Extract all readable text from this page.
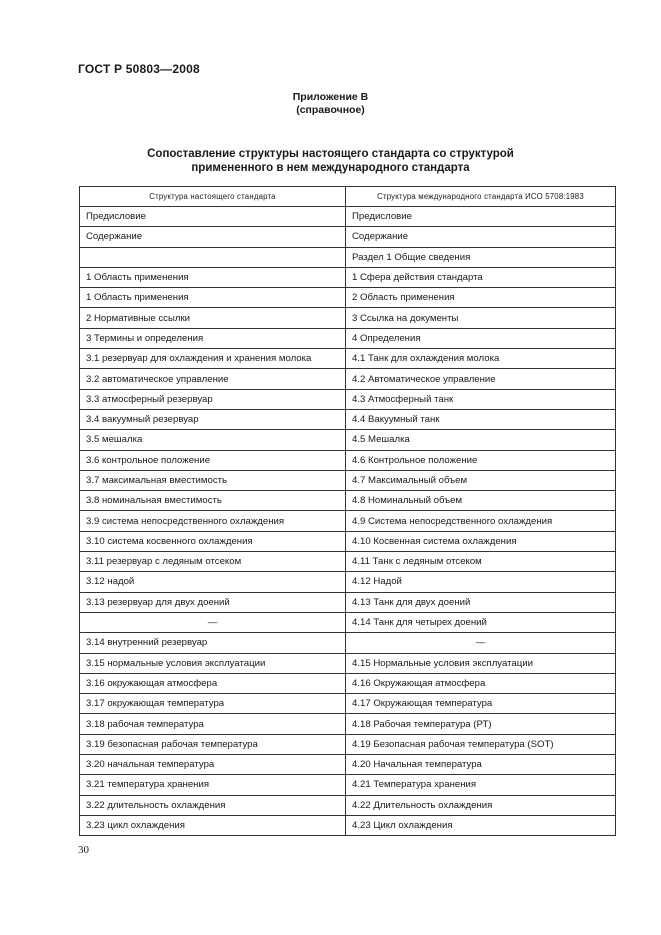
ГОСТ Р 50803—2008
Приложение В
(справочное)
Сопоставление структуры настоящего стандарта со структурой
примененного в нем международного стандарта
Структура настоящего стандарта	Структура международного стандарта ИСО 5708:1983
Предисловие	Предисловие
Содержание	Содержание
	Раздел 1 Общие сведения
1 Область применения	1 Сфера действия стандарта
1 Область применения	2 Область применения
2 Нормативные ссылки	3 Ссылка на документы
3 Термины и определения	4 Определения
3.1 резервуар для охлаждения и хранения молока	4.1 Танк для охлаждения молока
3.2 автоматическое управление	4.2 Автоматическое управление
3.3 атмосферный резервуар	4.3 Атмосферный танк
3.4 вакуумный резервуар	4.4 Вакуумный танк
3.5 мешалка	4.5 Мешалка
3.6 контрольное положение	4.6 Контрольное положение
3.7 максимальная вместимость	4.7 Максимальный объем
3.8 номинальная вместимость	4.8 Номинальный объем
3.9 система непосредственного охлаждения	4.9 Система непосредственного охлаждения
3.10 система косвенного охлаждения	4.10 Косвенная система охлаждения
3.11 резервуар с ледяным отсеком	4.11 Танк с ледяным отсеком
3.12 надой	4.12 Надой
3.13 резервуар для двух доений	4.13 Танк для двух доений
—	4.14 Танк для четырех доений
3.14 внутренний резервуар	—
3.15 нормальные условия эксплуатации	4.15 Нормальные условия эксплуатации
3.16 окружающая атмосфера	4.16 Окружающая атмосфера
3.17 окружающая температура	4.17 Окружающая температура
3.18 рабочая температура	4.18 Рабочая температура (РТ)
3.19 безопасная рабочая температура	4.19 Безопасная рабочая температура (SOT)
3.20 начальная температура	4.20 Начальная температура
3.21 температура хранения	4.21 Температура хранения
3.22 длительность охлаждения	4.22 Длительность охлаждения
3.23 цикл охлаждения	4.23 Цикл охлаждения
30
